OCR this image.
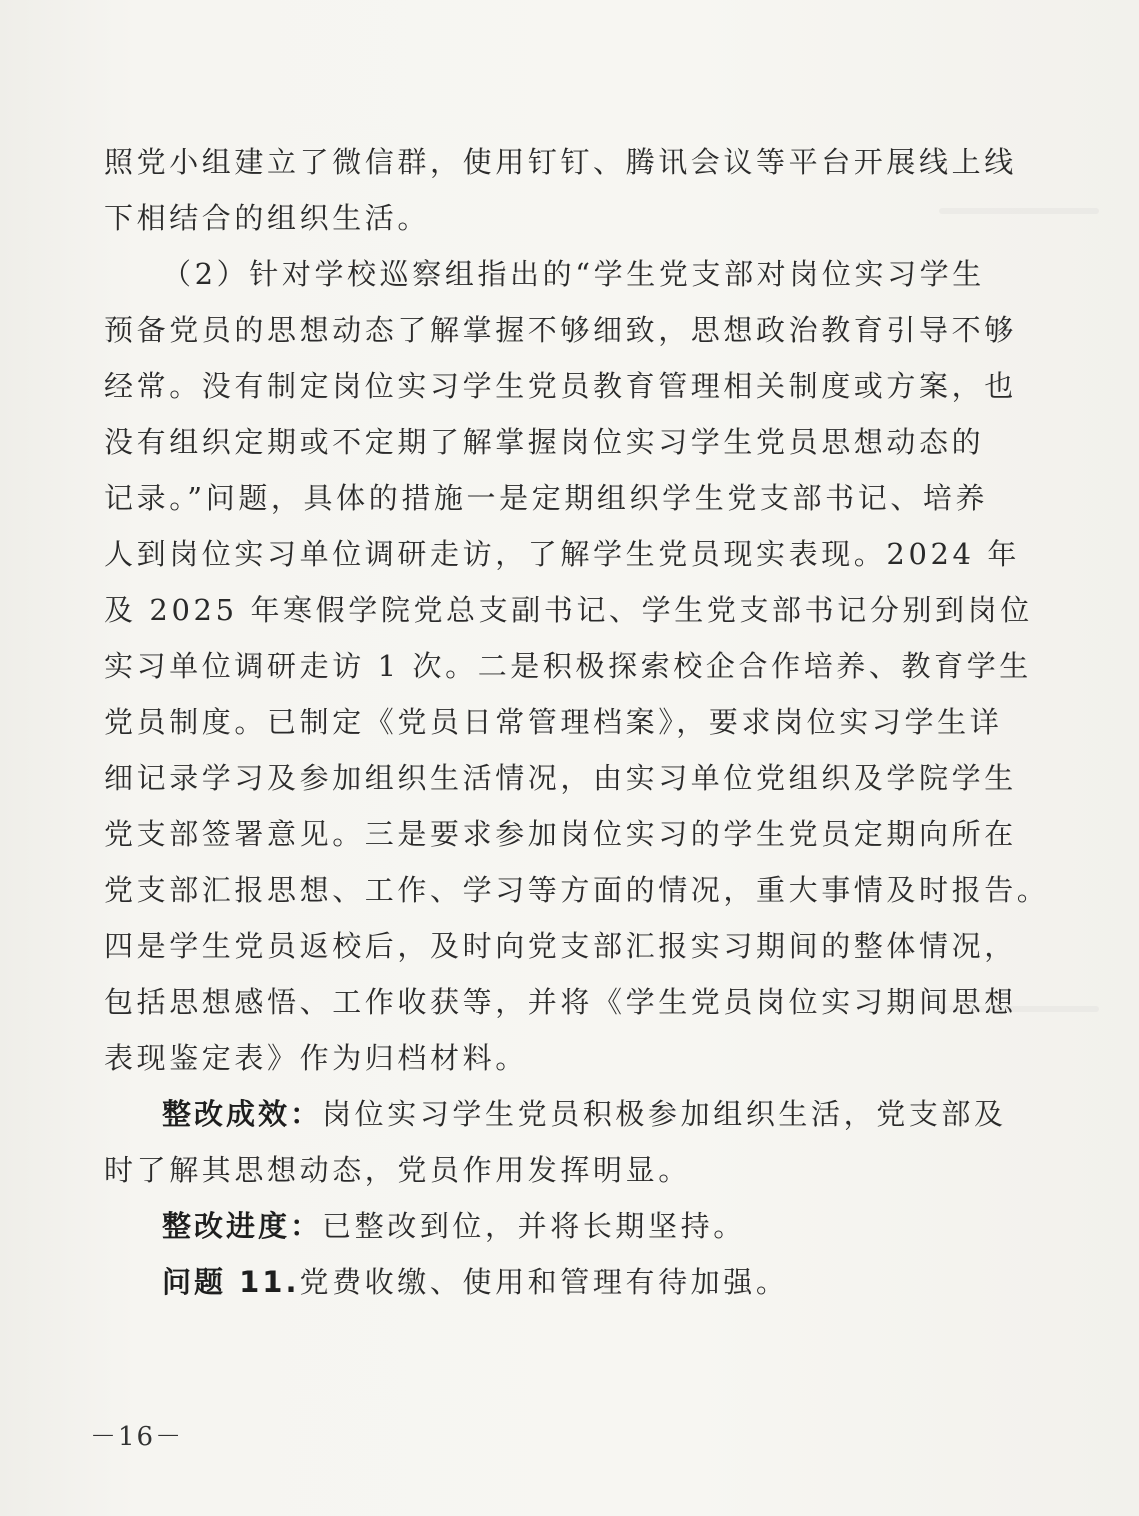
照党小组建立了微信群，使用钉钉、腾讯会议等平台开展线上线
下相结合的组织生活。
（2）针对学校巡察组指出的“学生党支部对岗位实习学生
预备党员的思想动态了解掌握不够细致，思想政治教育引导不够
经常。没有制定岗位实习学生党员教育管理相关制度或方案，也
没有组织定期或不定期了解掌握岗位实习学生党员思想动态的
记录。”问题，具体的措施一是定期组织学生党支部书记、培养
人到岗位实习单位调研走访，了解学生党员现实表现。2024 年
及 2025 年寒假学院党总支副书记、学生党支部书记分别到岗位
实习单位调研走访 1 次。二是积极探索校企合作培养、教育学生
党员制度。已制定《党员日常管理档案》，要求岗位实习学生详
细记录学习及参加组织生活情况，由实习单位党组织及学院学生
党支部签署意见。三是要求参加岗位实习的学生党员定期向所在
党支部汇报思想、工作、学习等方面的情况，重大事情及时报告。
四是学生党员返校后，及时向党支部汇报实习期间的整体情况，
包括思想感悟、工作收获等，并将《学生党员岗位实习期间思想
表现鉴定表》作为归档材料。
整改成效：岗位实习学生党员积极参加组织生活，党支部及
时了解其思想动态，党员作用发挥明显。
整改进度：已整改到位，并将长期坚持。
问题 11.党费收缴、使用和管理有待加强。
－16－
